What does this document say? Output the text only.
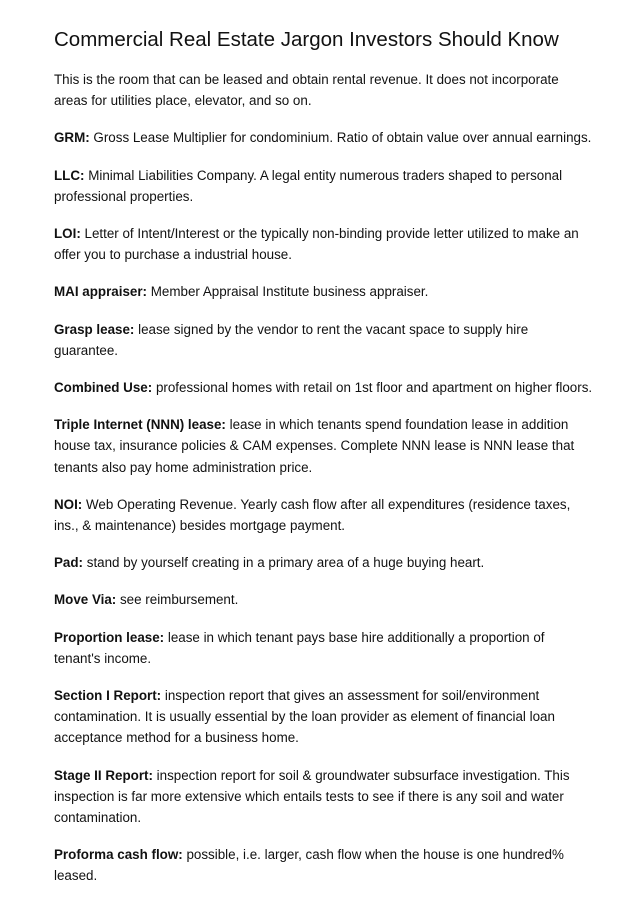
Commercial Real Estate Jargon Investors Should Know

This is the room that can be leased and obtain rental revenue. It does not incorporate areas for utilities place, elevator, and so on.

GRM: Gross Lease Multiplier for condominium. Ratio of obtain value over annual earnings.

LLC: Minimal Liabilities Company. A legal entity numerous traders shaped to personal professional properties.

LOI: Letter of Intent/Interest or the typically non-binding provide letter utilized to make an offer you to purchase a industrial house.

MAI appraiser: Member Appraisal Institute business appraiser.

Grasp lease: lease signed by the vendor to rent the vacant space to supply hire guarantee.

Combined Use: professional homes with retail on 1st floor and apartment on higher floors.

Triple Internet (NNN) lease: lease in which tenants spend foundation lease in addition house tax, insurance policies & CAM expenses. Complete NNN lease is NNN lease that tenants also pay home administration price.

NOI: Web Operating Revenue. Yearly cash flow after all expenditures (residence taxes, ins., & maintenance) besides mortgage payment.

Pad: stand by yourself creating in a primary area of a huge buying heart.

Move Via: see reimbursement.

Proportion lease: lease in which tenant pays base hire additionally a proportion of tenant's income.

Section I Report: inspection report that gives an assessment for soil/environment contamination. It is usually essential by the loan provider as element of financial loan acceptance method for a business home.

Stage II Report: inspection report for soil & groundwater subsurface investigation. This inspection is far more extensive which entails tests to see if there is any soil and water contamination.

Proforma cash flow: possible, i.e. larger, cash flow when the house is one hundred% leased.
